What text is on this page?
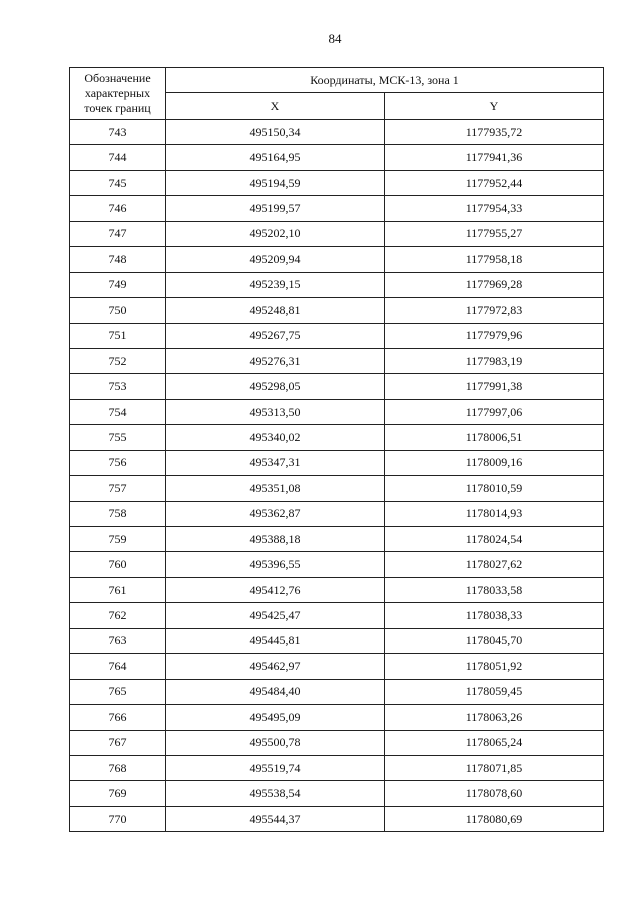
84
Обозначение характерных точек границ	Координаты, МСК-13, зона 1	
	X	Y
743	495150,34	1177935,72
744	495164,95	1177941,36
745	495194,59	1177952,44
746	495199,57	1177954,33
747	495202,10	1177955,27
748	495209,94	1177958,18
749	495239,15	1177969,28
750	495248,81	1177972,83
751	495267,75	1177979,96
752	495276,31	1177983,19
753	495298,05	1177991,38
754	495313,50	1177997,06
755	495340,02	1178006,51
756	495347,31	1178009,16
757	495351,08	1178010,59
758	495362,87	1178014,93
759	495388,18	1178024,54
760	495396,55	1178027,62
761	495412,76	1178033,58
762	495425,47	1178038,33
763	495445,81	1178045,70
764	495462,97	1178051,92
765	495484,40	1178059,45
766	495495,09	1178063,26
767	495500,78	1178065,24
768	495519,74	1178071,85
769	495538,54	1178078,60
770	495544,37	1178080,69
